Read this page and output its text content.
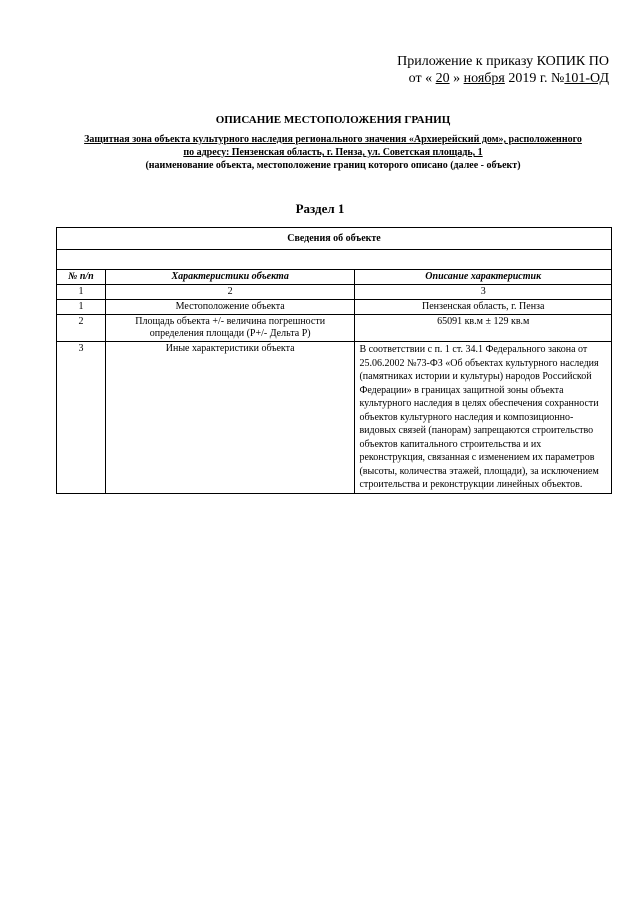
Приложение к приказу КОПИК ПО
от « 20 » ноября 2019 г. №101-ОД
ОПИСАНИЕ МЕСТОПОЛОЖЕНИЯ ГРАНИЦ
Защитная зона объекта культурного наследия регионального значения «Архиерейский дом», расположенного
по адресу: Пензенская область, г. Пенза, ул. Советская площадь, 1
(наименование объекта, местоположение границ которого описано (далее - объект)
Раздел 1
Сведения об объекте		

№ п/п	Характеристики объекта	Описание характеристик
1	2	3
1	Местоположение объекта	Пензенская область, г. Пенза
2	Площадь объекта +/- величина погрешности определения площади (P+/- Дельта P)	65091 кв.м ± 129 кв.м
3	Иные характеристики объекта	В соответствии с п. 1 ст. 34.1 Федерального закона от 25.06.2002 №73-ФЗ «Об объектах культурного наследия (памятниках истории и культуры) народов Российской Федерации» в границах защитной зоны объекта культурного наследия в целях обеспечения сохранности объектов культурного наследия и композиционно-видовых связей (панорам) запрещаются строительство объектов капитального строительства и их реконструкция, связанная с изменением их параметров (высоты, количества этажей, площади), за исключением строительства и реконструкции линейных объектов.
